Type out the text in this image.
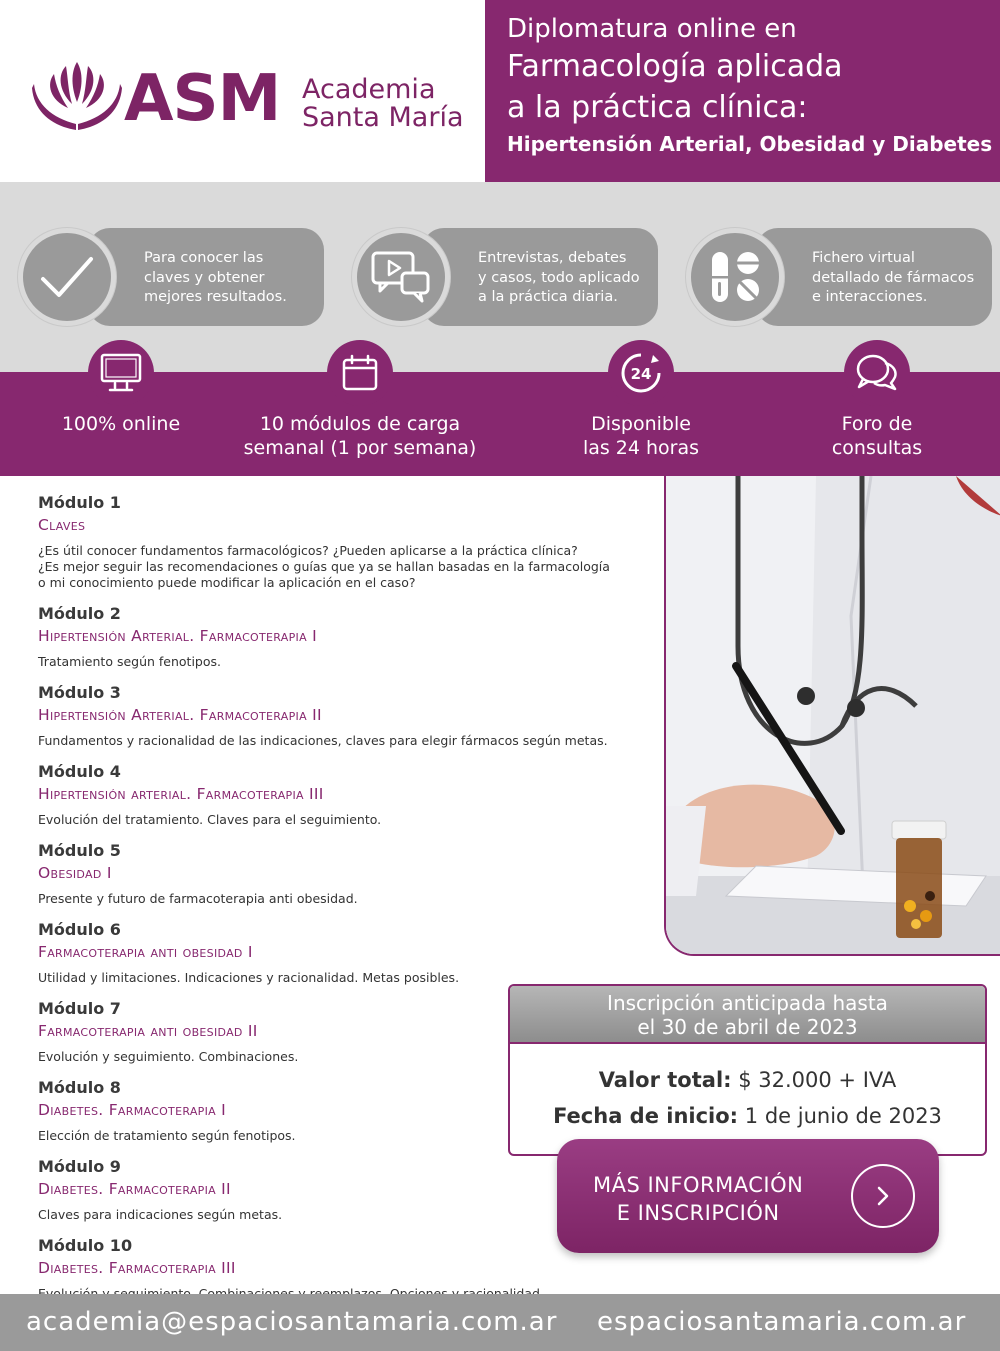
ASM Academia
Santa María
Diplomatura online en
Farmacología aplicada
a la práctica clínica:
Hipertensión Arterial, Obesidad y Diabetes
Para conocer las
claves y obtener
mejores resultados.
Entrevistas, debates
y casos, todo aplicado
a la práctica diaria.
Fichero virtual
detallado de fármacos
e interacciones.
100% online	10 módulos de carga
semanal (1 por semana)
24
Disponible
las 24 horas
Foro de
consultas
Módulo 1
Claves
¿Es útil conocer fundamentos farmacológicos? ¿Pueden aplicarse a la práctica clínica?
¿Es mejor seguir las recomendaciones o guías que ya se hallan basadas en la farmacología
o mi conocimiento puede modificar la aplicación en el caso?
Módulo 2
Hipertensión Arterial. Farmacoterapia I
Tratamiento según fenotipos.
Módulo 3
Hipertensión Arterial. Farmacoterapia II
Fundamentos y racionalidad de las indicaciones, claves para elegir fármacos según metas.
Módulo 4
Hipertensión arterial. Farmacoterapia III
Evolución del tratamiento. Claves para el seguimiento.
Módulo 5
Obesidad I
Presente y futuro de farmacoterapia anti obesidad.
Módulo 6
Farmacoterapia anti obesidad I
Utilidad y limitaciones. Indicaciones y racionalidad. Metas posibles.
Módulo 7
Farmacoterapia anti obesidad II
Evolución y seguimiento. Combinaciones.
Módulo 8
Diabetes. Farmacoterapia I
Elección de tratamiento según fenotipos.
Módulo 9
Diabetes. Farmacoterapia II
Claves para indicaciones según metas.
Módulo 10
Diabetes. Farmacoterapia III
Inscripción anticipada hasta
el 30 de abril de 2023
Valor total: $ 32.000 + IVA
Fecha de inicio: 1 de junio de 2023
MÁS INFORMACIÓN
E INSCRIPCIÓN
academia@espaciosantamaria.com.ar espaciosantamaria.com.ar
